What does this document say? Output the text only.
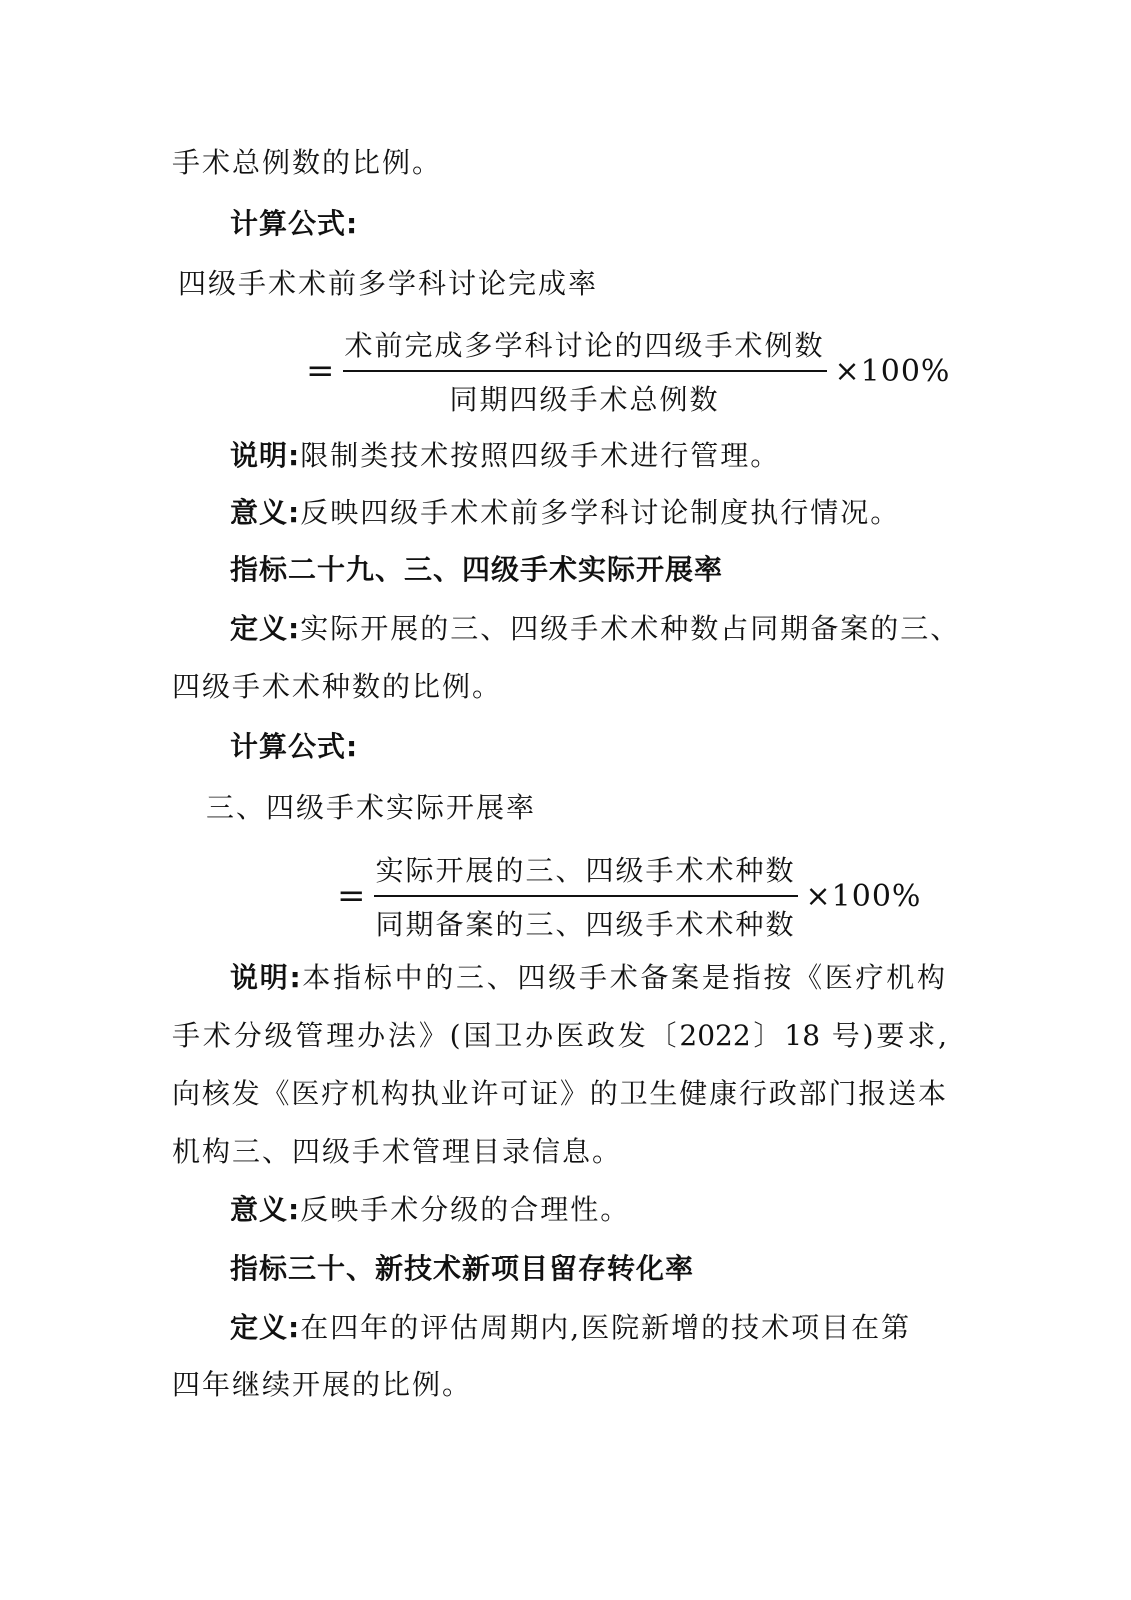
手术总例数的比例。
计算公式:
四级手术术前多学科讨论完成率
= $\frac{\text{术前完成多学科讨论的四级手术例数}}{\text{同期四级手术总例数}} \times 100\%$
说明:限制类技术按照四级手术进行管理。
意义:反映四级手术术前多学科讨论制度执行情况。
指标二十九、三、四级手术实际开展率
定义:实际开展的三、四级手术术种数占同期备案的三、
四级手术术种数的比例。
计算公式:
三、四级手术实际开展率
= $\frac{\text{实际开展的三、四级手术术种数}}{\text{同期备案的三、四级手术术种数}} \times 100\%$
说明:本指标中的三、四级手术备案是指按《医疗机构
手术分级管理办法》(国卫办医政发〔2022〕18 号)要求,
向核发《医疗机构执业许可证》的卫生健康行政部门报送本
机构三、四级手术管理目录信息。
意义:反映手术分级的合理性。
指标三十、新技术新项目留存转化率
定义:在四年的评估周期内,医院新增的技术项目在第
四年继续开展的比例。
